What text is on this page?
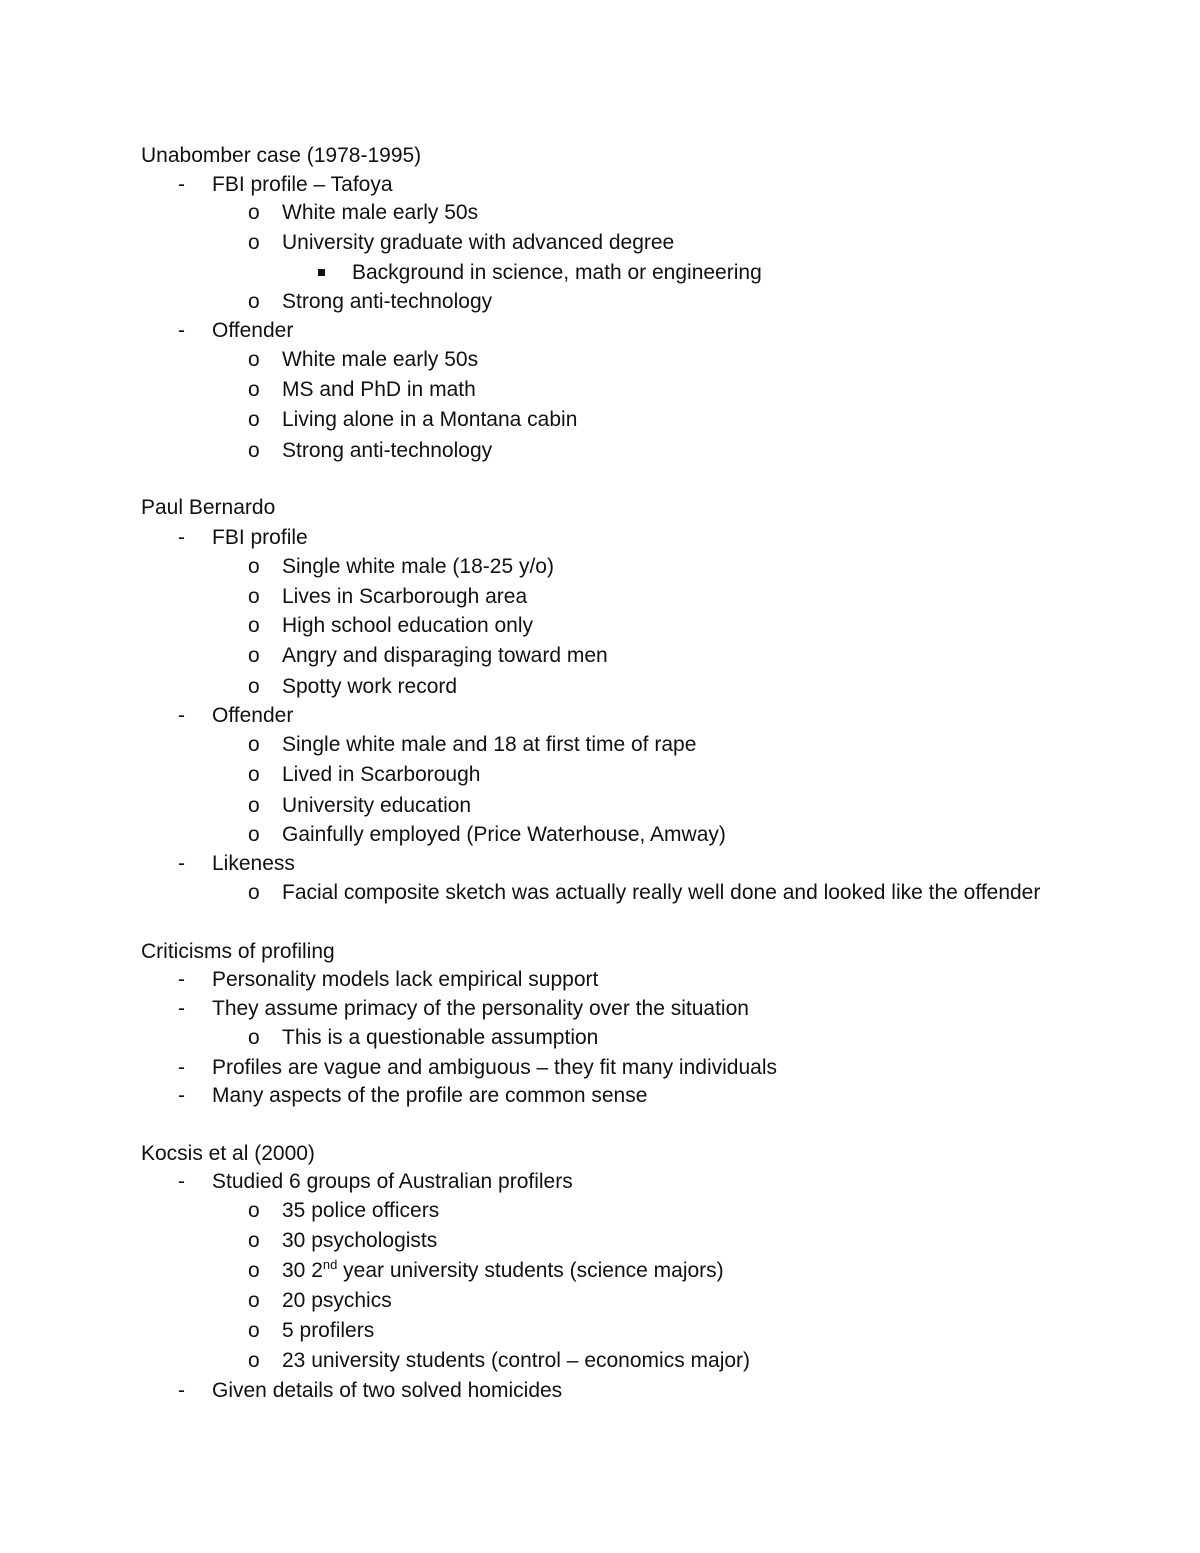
Unabomber case (1978-1995)
- FBI profile – Tafoya
o White male early 50s
o University graduate with advanced degree
Background in science, math or engineering
o Strong anti-technology
- Offender
o White male early 50s
o MS and PhD in math
o Living alone in a Montana cabin
o Strong anti-technology
Paul Bernardo
- FBI profile
o Single white male (18-25 y/o)
o Lives in Scarborough area
o High school education only
o Angry and disparaging toward men
o Spotty work record
- Offender
o Single white male and 18 at first time of rape
o Lived in Scarborough
o University education
o Gainfully employed (Price Waterhouse, Amway)
- Likeness
o Facial composite sketch was actually really well done and looked like the offender
Criticisms of profiling
- Personality models lack empirical support
- They assume primacy of the personality over the situation
o This is a questionable assumption
- Profiles are vague and ambiguous – they fit many individuals
- Many aspects of the profile are common sense
Kocsis et al (2000)
- Studied 6 groups of Australian profilers
o 35 police officers
o 30 psychologists
o 30 2nd year university students (science majors)
o 20 psychics
o 5 profilers
o 23 university students (control – economics major)
- Given details of two solved homicides
